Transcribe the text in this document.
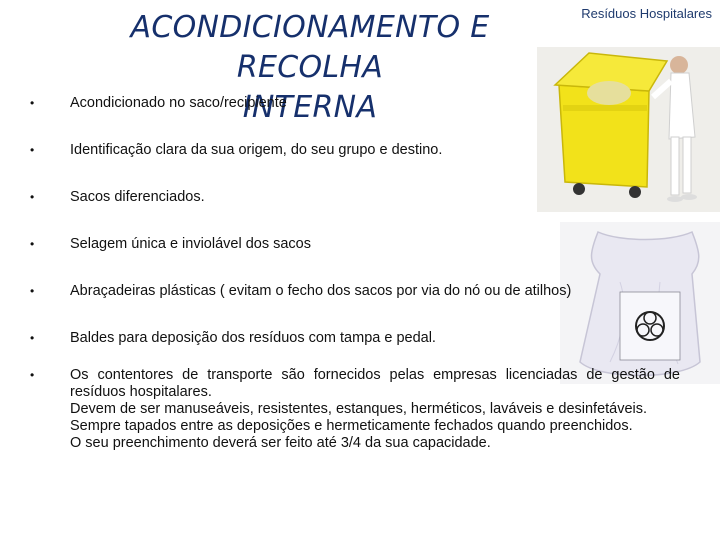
Resíduos Hospitalares
ACONDICIONAMENTO E RECOLHA
INTERNA
• Acondicionado no saco/recipiente
• Identificação clara da sua origem, do seu grupo e destino.
• Sacos diferenciados.
• Selagem única e inviolável dos sacos
• Abraçadeiras plásticas ( evitam o fecho dos sacos por via do nó ou de atilhos)
• Baldes para deposição dos resíduos com tampa e pedal.
• Os contentores de transporte são fornecidos pelas empresas licenciadas de gestão de resíduos hospitalares.
Devem de ser manuseáveis, resistentes, estanques, herméticos, laváveis e desinfetáveis.
Sempre tapados entre as deposições e hermeticamente fechados quando preenchidos.
O seu preenchimento deverá ser feito até 3/4 da sua capacidade.
